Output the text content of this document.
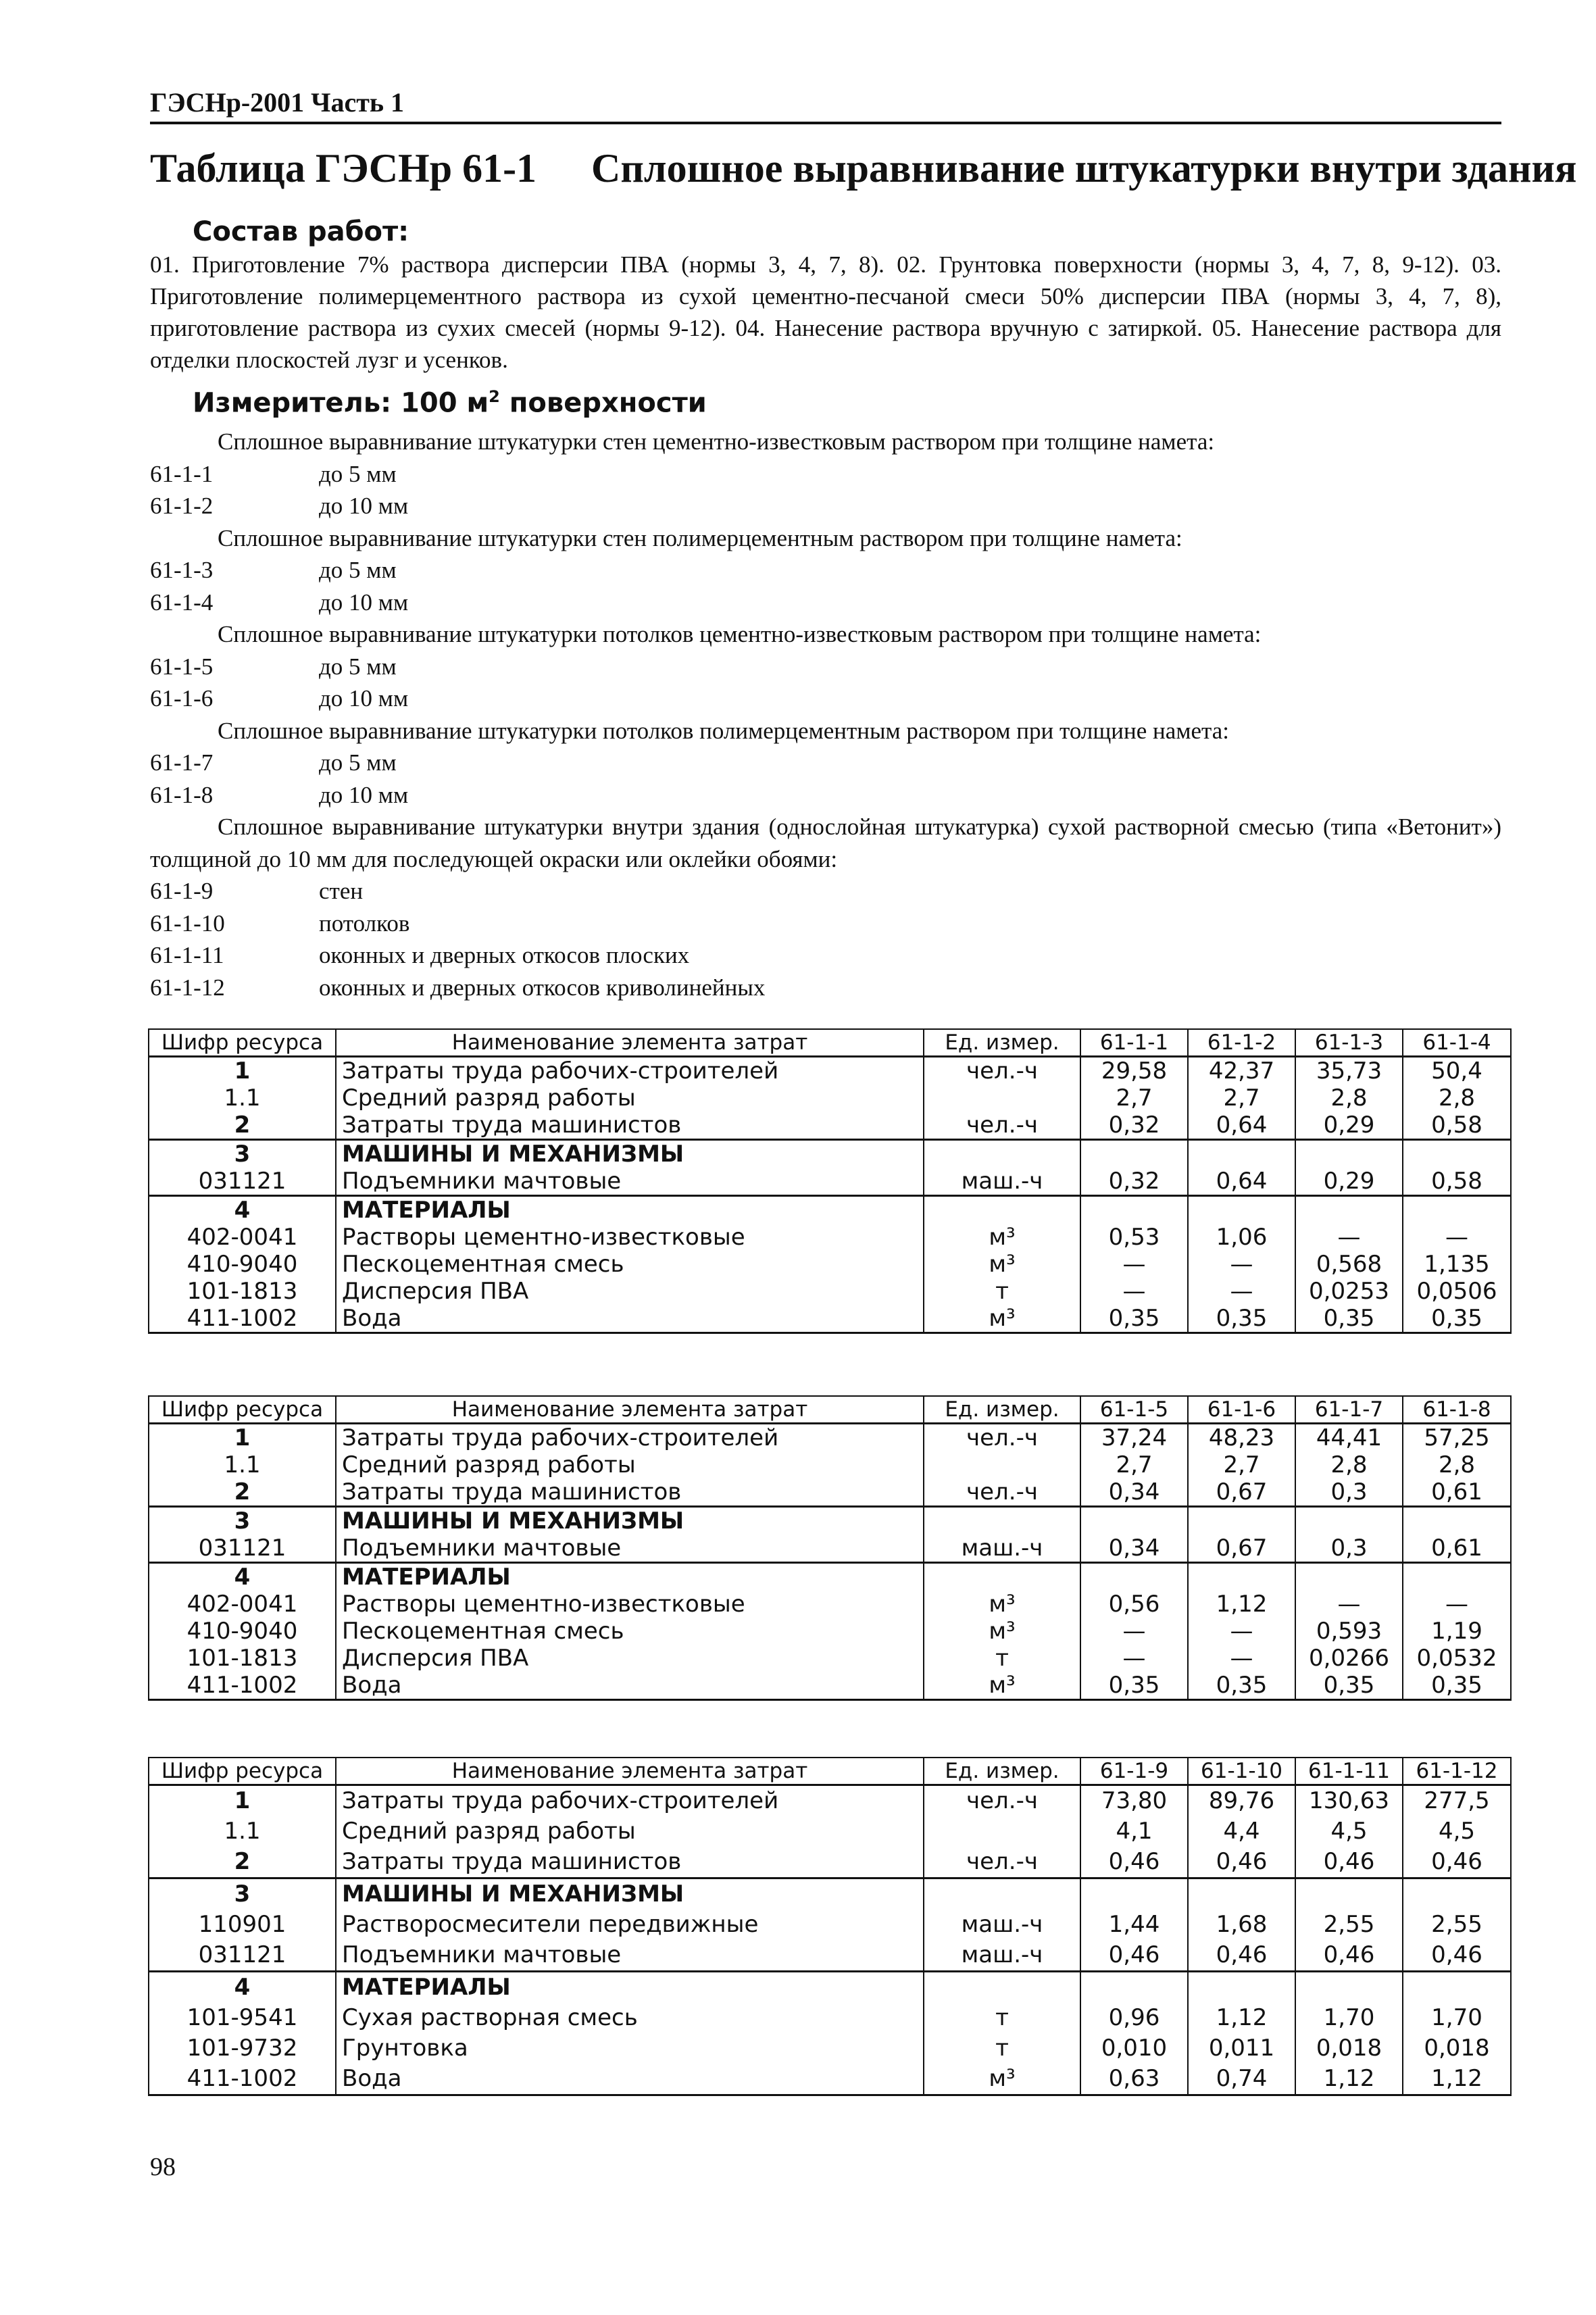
ГЭСНр-2001 Часть 1
Таблица ГЭСНр 61-1 Сплошное выравнивание штукатурки внутри здания
Состав работ:
01. Приготовление 7% раствора дисперсии ПВА (нормы 3, 4, 7, 8). 02. Грунтовка поверхности (нормы 3, 4, 7, 8, 9-12). 03. Приготовление полимерцементного раствора из сухой цементно-песчаной смеси 50% дисперсии ПВА (нормы 3, 4, 7, 8), приготовление раствора из сухих смесей (нормы 9-12). 04. Нанесение раствора вручную с затиркой. 05. Нанесение раствора для отделки плоскостей лузг и усенков.
Измеритель: 100 $м^2$ поверхности
Сплошное выравнивание штукатурки стен цементно-известковым раствором при толщине намета:
61-1-1	до 5 мм
61-1-2	до 10 мм
Сплошное выравнивание штукатурки стен полимерцементным раствором при толщине намета:
61-1-3	до 5 мм
61-1-4	до 10 мм
Сплошное выравнивание штукатурки потолков цементно-известковым раствором при толщине намета:
61-1-5	до 5 мм
61-1-6	до 10 мм
Сплошное выравнивание штукатурки потолков полимерцементным раствором при толщине намета:
61-1-7	до 5 мм
61-1-8	до 10 мм
Сплошное выравнивание штукатурки внутри здания (однослойная штукатурка) сухой растворной смесью (типа «Ветонит») толщиной до 10 мм для последующей окраски или оклейки обоями:
61-1-9	стен
61-1-10	потолков
61-1-11	оконных и дверных откосов плоских
61-1-12	оконных и дверных откосов криволинейных
Шифр ресурса	Наименование элемента затрат	Ед. измер.	61-1-1	61-1-2	61-1-3	61-1-4
1	Затраты труда рабочих-строителей	чел.-ч	29,58	42,37	35,73	50,4
1.1	Средний разряд работы		2,7	2,7	2,8	2,8
2	Затраты труда машинистов	чел.-ч	0,32	0,64	0,29	0,58
3	МАШИНЫ И МЕХАНИЗМЫ					
031121	Подъемники мачтовые	маш.-ч	0,32	0,64	0,29	0,58
4	МАТЕРИАЛЫ					
402-0041	Растворы цементно-известковые	м³	0,53	1,06	—	—
410-9040	Пескоцементная смесь	м³	—	—	0,568	1,135
101-1813	Дисперсия ПВА	т	—	—	0,0253	0,0506
411-1002	Вода	м³	0,35	0,35	0,35	0,35
Шифр ресурса	Наименование элемента затрат	Ед. измер.	61-1-5	61-1-6	61-1-7	61-1-8
1	Затраты труда рабочих-строителей	чел.-ч	37,24	48,23	44,41	57,25
1.1	Средний разряд работы		2,7	2,7	2,8	2,8
2	Затраты труда машинистов	чел.-ч	0,34	0,67	0,3	0,61
3	МАШИНЫ И МЕХАНИЗМЫ					
031121	Подъемники мачтовые	маш.-ч	0,34	0,67	0,3	0,61
4	МАТЕРИАЛЫ					
402-0041	Растворы цементно-известковые	м³	0,56	1,12	—	—
410-9040	Пескоцементная смесь	м³	—	—	0,593	1,19
101-1813	Дисперсия ПВА	т	—	—	0,0266	0,0532
411-1002	Вода	м³	0,35	0,35	0,35	0,35
Шифр ресурса	Наименование элемента затрат	Ед. измер.	61-1-9	61-1-10	61-1-11	61-1-12
1	Затраты труда рабочих-строителей	чел.-ч	73,80	89,76	130,63	277,5
1.1	Средний разряд работы		4,1	4,4	4,5	4,5
2	Затраты труда машинистов	чел.-ч	0,46	0,46	0,46	0,46
3	МАШИНЫ И МЕХАНИЗМЫ					
110901	Растворосмесители передвижные	маш.-ч	1,44	1,68	2,55	2,55
031121	Подъемники мачтовые	маш.-ч	0,46	0,46	0,46	0,46
4	МАТЕРИАЛЫ					
101-9541	Сухая растворная смесь	т	0,96	1,12	1,70	1,70
101-9732	Грунтовка	т	0,010	0,011	0,018	0,018
411-1002	Вода	м³	0,63	0,74	1,12	1,12
98
